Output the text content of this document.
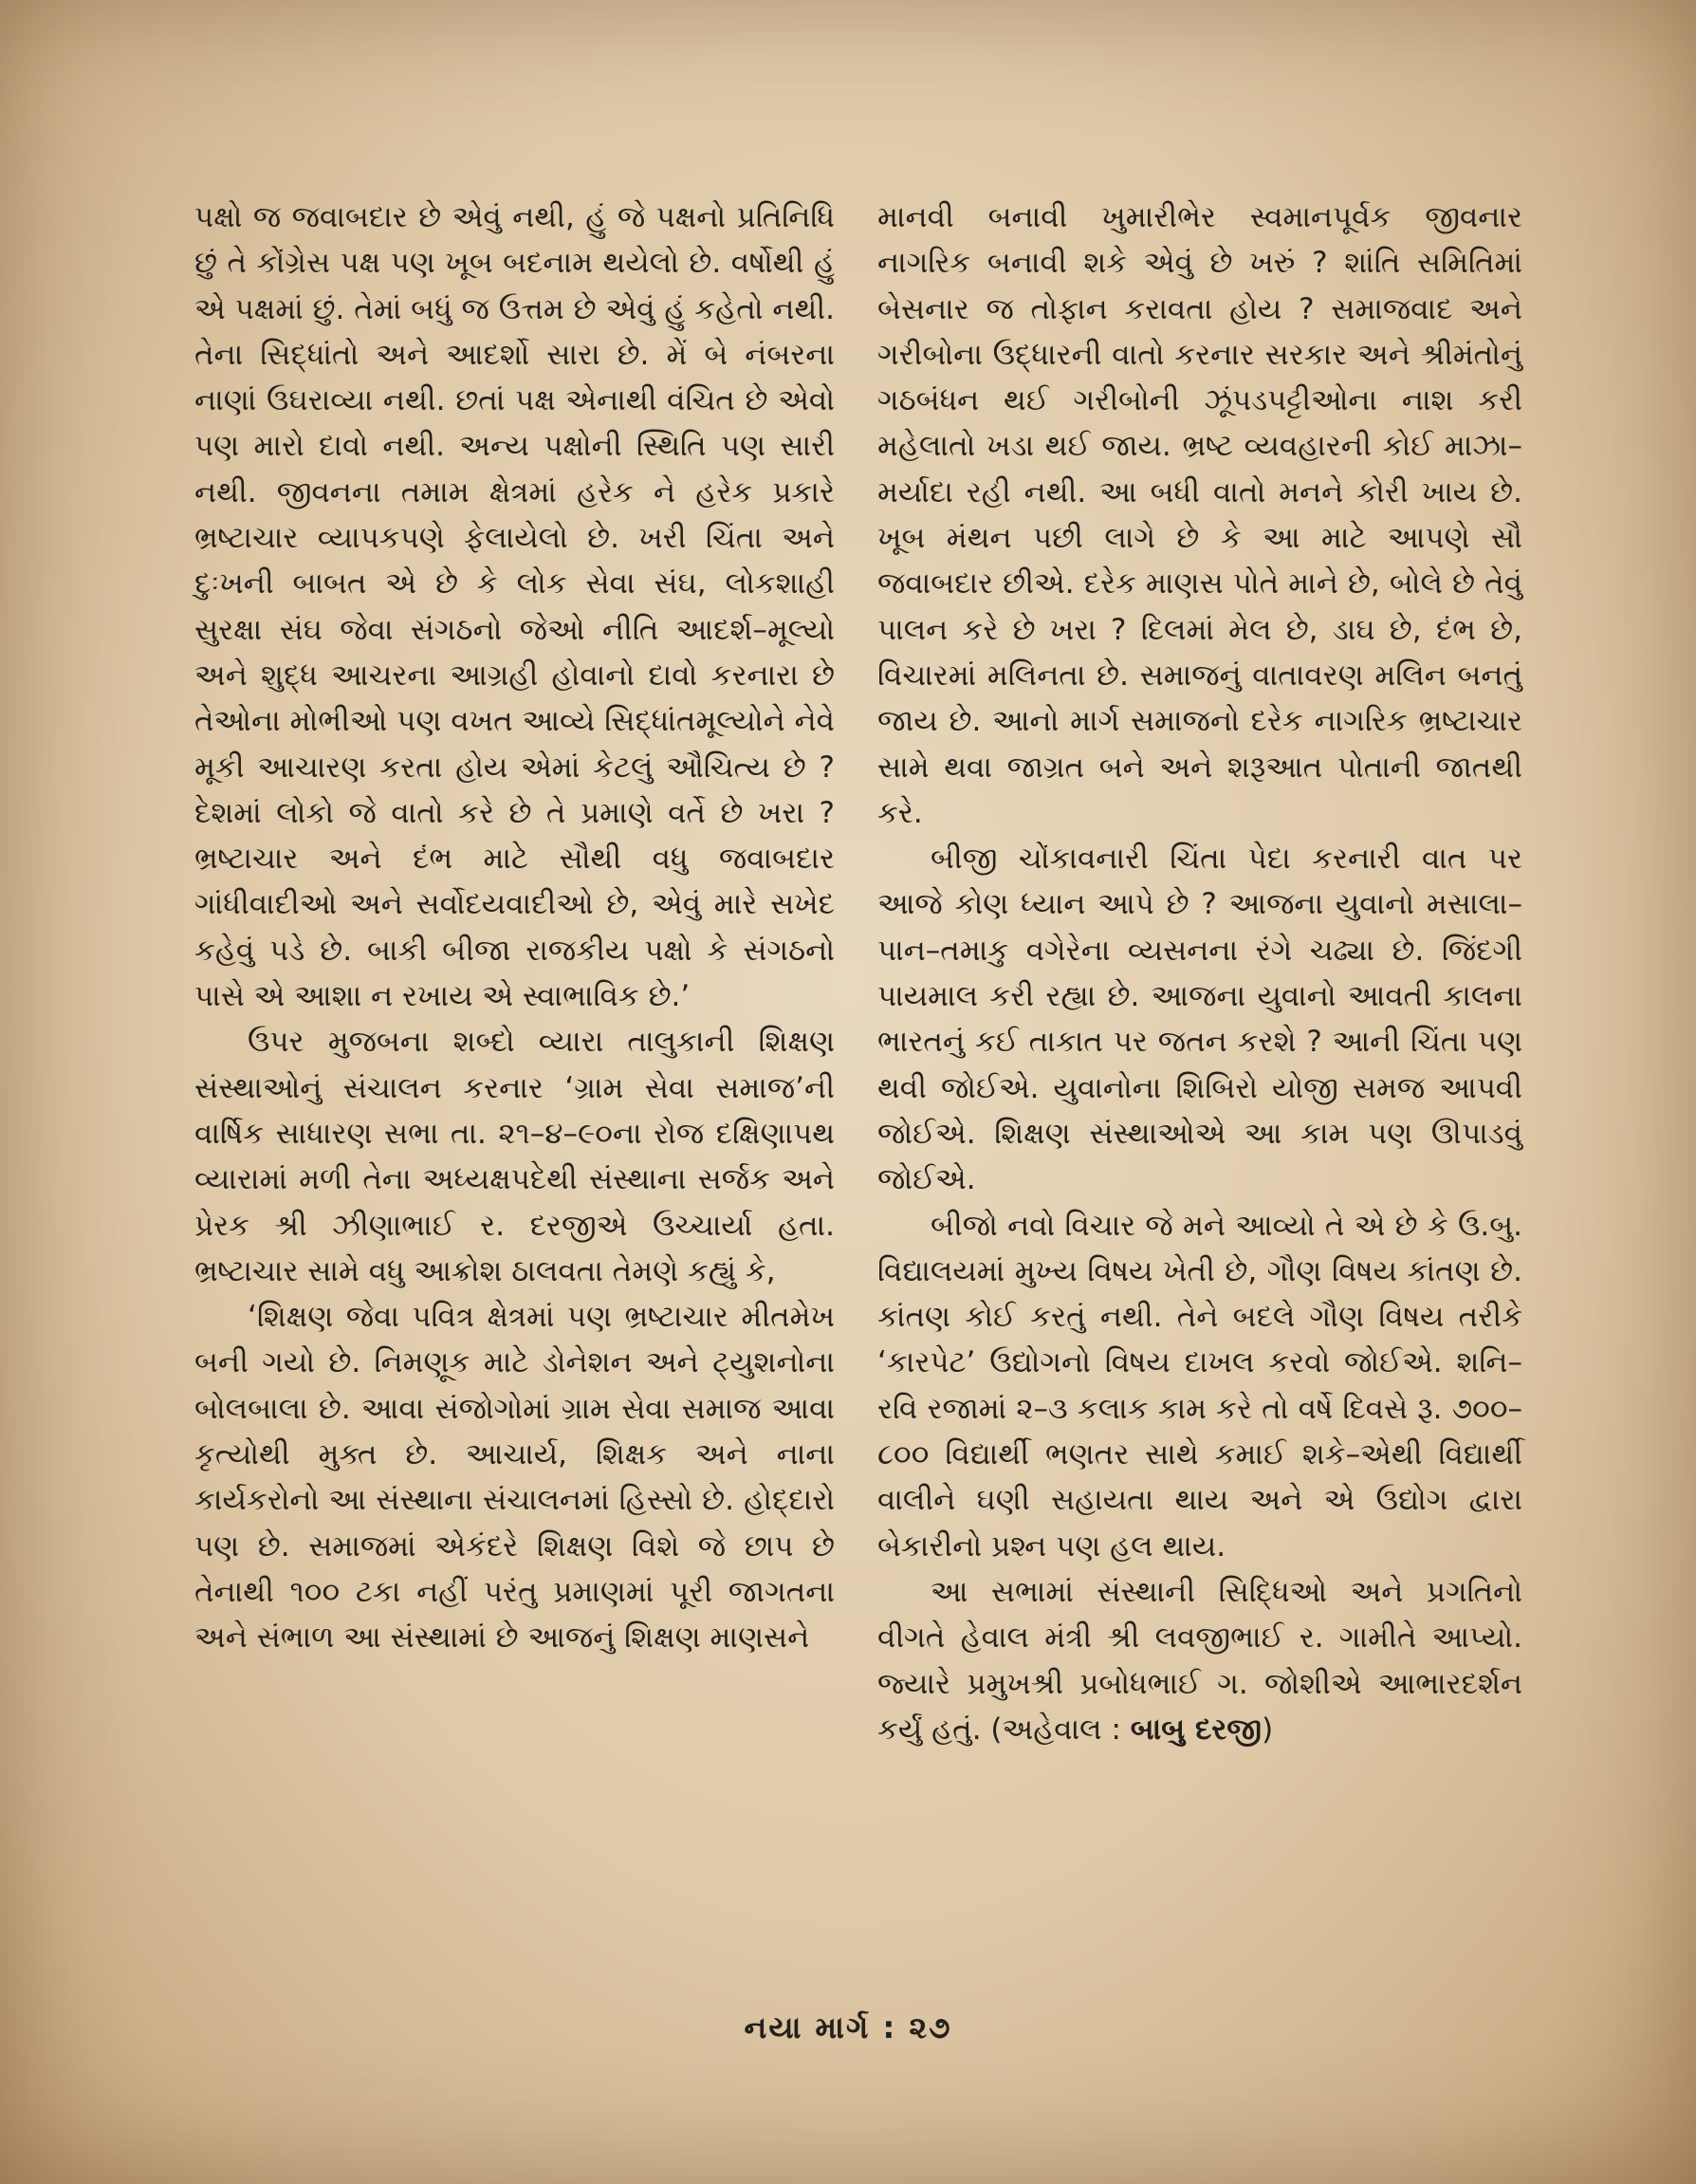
પક્ષો જ જવાબદાર છે એવું નથી, હું જે પક્ષનો પ્રતિનિધિ છું તે કોંગ્રેસ પક્ષ પણ ખૂબ બદનામ થયેલો છે. વર્ષોથી હું એ પક્ષમાં છું. તેમાં બધું જ ઉત્તમ છે એવું હું કહેતો નથી. તેના સિદ્ધાંતો અને આદર્શો સારા છે. મેં બે નંબરના નાણાં ઉઘરાવ્યા નથી. છતાં પક્ષ એનાથી વંચિત છે એવો પણ મારો દાવો નથી. અન્ય પક્ષોની સ્થિતિ પણ સારી નથી. જીવનના તમામ ક્ષેત્રમાં હરેક ને હરેક પ્રકારે ભ્રષ્ટાચાર વ્યાપકપણે ફેલાયેલો છે. ખરી ચિંતા અને દુઃખની બાબત એ છે કે લોક સેવા સંઘ, લોકશાહી સુરક્ષા સંઘ જેવા સંગઠનો જેઓ નીતિ આદર્શ–મૂલ્યો અને શુદ્ધ આચરના આગ્રહી હોવાનો દાવો કરનારા છે તેઓના મોભીઓ પણ વખત આવ્યે સિદ્ધાંતમૂલ્યોને નેવે મૂકી આચારણ કરતા હોય એમાં કેટલું ઔચિત્ય છે ? દેશમાં લોકો જે વાતો કરે છે તે પ્રમાણે વર્તે છે ખરા ? ભ્રષ્ટાચાર અને દંભ માટે સૌથી વધુ જવાબદાર ગાંધીવાદીઓ અને સર્વોદયવાદીઓ છે, એવું મારે સખેદ કહેવું પડે છે. બાકી બીજા રાજકીય પક્ષો કે સંગઠનો પાસે એ આશા ન રખાય એ સ્વાભાવિક છે.’

ઉપર મુજબના શબ્દો વ્યારા તાલુકાની શિક્ષણ સંસ્થાઓનું સંચાલન કરનાર ‘ગ્રામ સેવા સમાજ’ની વાર્ષિક સાધારણ સભા તા. ૨૧–૪–૯૦ના રોજ દક્ષિણાપથ વ્યારામાં મળી તેના અધ્યક્ષપદેથી સંસ્થાના સર્જક અને પ્રેરક શ્રી ઝીણાભાઈ ર. દરજીએ ઉચ્ચાર્યા હતા. ભ્રષ્ટાચાર સામે વધુ આક્રોશ ઠાલવતા તેમણે કહ્યું કે,

‘શિક્ષણ જેવા પવિત્ર ક્ષેત્રમાં પણ ભ્રષ્ટાચાર મીતમેખ બની ગયો છે. નિમણૂક માટે ડોનેશન અને ટ્યુશનોના બોલબાલા છે. આવા સંજોગોમાં ગ્રામ સેવા સમાજ આવા કૃત્યોથી મુક્ત છે. આચાર્ય, શિક્ષક અને નાના કાર્યકરોનો આ સંસ્થાના સંચાલનમાં હિસ્સો છે. હોદ્દારો પણ છે. સમાજમાં એકંદરે શિક્ષણ વિશે જે છાપ છે તેનાથી ૧૦૦ ટકા નહીં પરંતુ પ્રમાણમાં પૂરી જાગતના અને સંભાળ આ સંસ્થામાં છે આજનું શિક્ષણ માણસને

માનવી બનાવી ખુમારીભેર સ્વમાનપૂર્વક જીવનાર નાગરિક બનાવી શકે એવું છે ખરું ? શાંતિ સમિતિમાં બેસનાર જ તોફાન કરાવતા હોય ? સમાજવાદ અને ગરીબોના ઉદ્ધારની વાતો કરનાર સરકાર અને શ્રીમંતોનું ગઠબંધન થઈ ગરીબોની ઝૂંપડપટ્ટીઓના નાશ કરી મહેલાતો ખડા થઈ જાય. ભ્રષ્ટ વ્યવહારની કોઈ માઝા–મર્યાદા રહી નથી. આ બધી વાતો મનને કોરી ખાય છે. ખૂબ મંથન પછી લાગે છે કે આ માટે આપણે સૌ જવાબદાર છીએ. દરેક માણસ પોતે માને છે, બોલે છે તેવું પાલન કરે છે ખરા ? દિલમાં મેલ છે, ડાઘ છે, દંભ છે, વિચારમાં મલિનતા છે. સમાજનું વાતાવરણ મલિન બનતું જાય છે. આનો માર્ગ સમાજનો દરેક નાગરિક ભ્રષ્ટાચાર સામે થવા જાગ્રત બને અને શરૂઆત પોતાની જાતથી કરે.

બીજી ચોંકાવનારી ચિંતા પેદા કરનારી વાત પર આજે કોણ ધ્યાન આપે છે ? આજના યુવાનો મસાલા–પાન–તમાકુ વગેરેના વ્યસનના રંગે ચઢ્યા છે. જિંદગી પાયમાલ કરી રહ્યા છે. આજના યુવાનો આવતી કાલના ભારતનું કઈ તાકાત પર જતન કરશે ? આની ચિંતા પણ થવી જોઈએ. યુવાનોના શિબિરો યોજી સમજ આપવી જોઈએ. શિક્ષણ સંસ્થાઓએ આ કામ પણ ઊપાડવું જોઈએ.

બીજો નવો વિચાર જે મને આવ્યો તે એ છે કે ઉ.બુ. વિદ્યાલયમાં મુખ્ય વિષય ખેતી છે, ગૌણ વિષય કાંતણ છે. કાંતણ કોઈ કરતું નથી. તેને બદલે ગૌણ વિષય તરીકે ‘કારપેટ’ ઉદ્યોગનો વિષય દાખલ કરવો જોઈએ. શનિ–રવિ રજામાં ૨–૩ કલાક કામ કરે તો વર્ષે દિવસે રૂ. ૭૦૦–૮૦૦ વિદ્યાર્થી ભણતર સાથે કમાઈ શકે–એથી વિદ્યાર્થી વાલીને ઘણી સહાયતા થાય અને એ ઉદ્યોગ દ્વારા બેકારીનો પ્રશ્ન પણ હલ થાય.

આ સભામાં સંસ્થાની સિદ્ધિઓ અને પ્રગતિનો વીગતે હેવાલ મંત્રી શ્રી લવજીભાઈ ર. ગામીતે આપ્યો. જ્યારે પ્રમુખશ્રી પ્રબોધભાઈ ગ. જોશીએ આભારદર્શન કર્યું હતું. (અહેવાલ : બાબુ દરજી)

નયા માર્ગ : ૨૭
